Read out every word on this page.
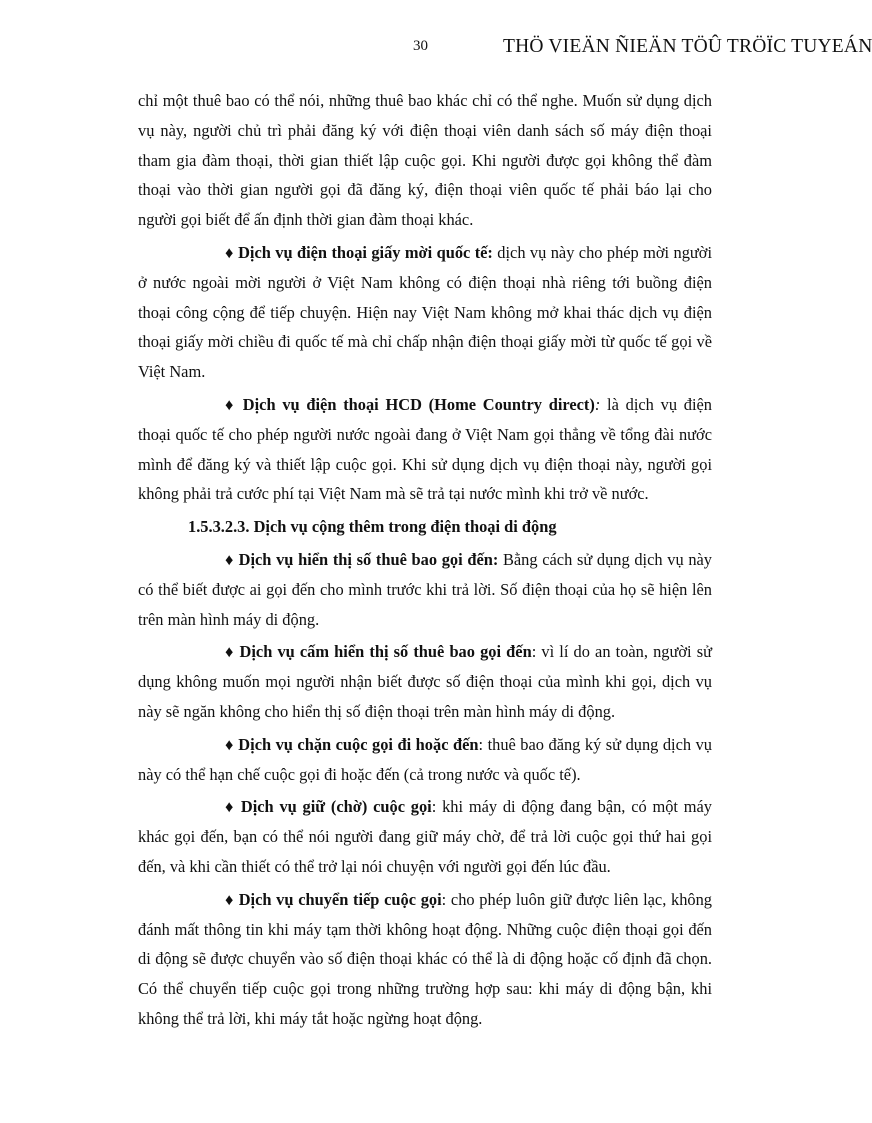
30	THÖ VIEÄN ÑIEÄN TÖÛ TRÖÏC TUYEÁN

chỉ một thuê bao có thể nói, những thuê bao khác chỉ có thể nghe. Muốn sử dụng dịch vụ này, người chủ trì phải đăng ký với điện thoại viên danh sách số máy điện thoại tham gia đàm thoại, thời gian thiết lập cuộc gọi. Khi người được gọi không thể đàm thoại vào thời gian người gọi đã đăng ký, điện thoại viên quốc tế phải báo lại cho người gọi biết để ấn định thời gian đàm thoại khác.

♦ Dịch vụ điện thoại giấy mời quốc tế: dịch vụ này cho phép mời người ở nước ngoài mời người ở Việt Nam không có điện thoại nhà riêng tới buồng điện thoại công cộng để tiếp chuyện. Hiện nay Việt Nam không mở khai thác dịch vụ điện thoại giấy mời chiều đi quốc tế mà chỉ chấp nhận điện thoại giấy mời từ quốc tế gọi về Việt Nam.

♦ Dịch vụ điện thoại HCD (Home Country direct): là dịch vụ điện thoại quốc tế cho phép người nước ngoài đang ở Việt Nam gọi thẳng về tổng đài nước mình để đăng ký và thiết lập cuộc gọi. Khi sử dụng dịch vụ điện thoại này, người gọi không phải trả cước phí tại Việt Nam mà sẽ trả tại nước mình khi trở về nước.

1.5.3.2.3. Dịch vụ cộng thêm trong điện thoại di động

♦ Dịch vụ hiển thị số thuê bao gọi đến: Bằng cách sử dụng dịch vụ này có thể biết được ai gọi đến cho mình trước khi trả lời. Số điện thoại của họ sẽ hiện lên trên màn hình máy di động.

♦ Dịch vụ cấm hiển thị số thuê bao gọi đến: vì lí do an toàn, người sử dụng không muốn mọi người nhận biết được số điện thoại của mình khi gọi, dịch vụ này sẽ ngăn không cho hiển thị số điện thoại trên màn hình máy di động.

♦ Dịch vụ chặn cuộc gọi đi hoặc đến: thuê bao đăng ký sử dụng dịch vụ này có thể hạn chế cuộc gọi đi hoặc đến (cả trong nước và quốc tế).

♦ Dịch vụ giữ (chờ) cuộc gọi: khi máy di động đang bận, có một máy khác gọi đến, bạn có thể nói người đang giữ máy chờ, để trả lời cuộc gọi thứ hai gọi đến, và khi cần thiết có thể trở lại nói chuyện với người gọi đến lúc đầu.

♦ Dịch vụ chuyển tiếp cuộc gọi: cho phép luôn giữ được liên lạc, không đánh mất thông tin khi máy tạm thời không hoạt động. Những cuộc điện thoại gọi đến di động sẽ được chuyển vào số điện thoại khác có thể là di động hoặc cố định đã chọn. Có thể chuyển tiếp cuộc gọi trong những trường hợp sau: khi máy di động bận, khi không thể trả lời, khi máy tắt hoặc ngừng hoạt động.
